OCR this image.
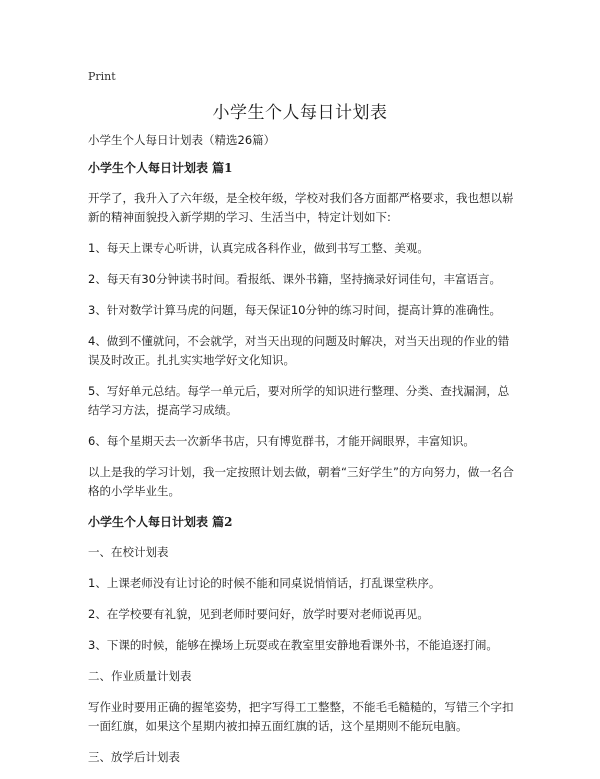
Print
小学生个人每日计划表

小学生个人每日计划表（精选26篇）

小学生个人每日计划表 篇1

开学了，我升入了六年级，是全校年级，学校对我们各方面都严格要求，我也想以崭新的精神面貌投入新学期的学习、生活当中，特定计划如下:

1、每天上课专心听讲，认真完成各科作业，做到书写工整、美观。

2、每天有30分钟读书时间。看报纸、课外书籍，坚持摘录好词佳句，丰富语言。

3、针对数学计算马虎的问题，每天保证10分钟的练习时间，提高计算的准确性。

4、做到不懂就问，不会就学，对当天出现的问题及时解决，对当天出现的作业的错误及时改正。扎扎实实地学好文化知识。

5、写好单元总结。每学一单元后，要对所学的知识进行整理、分类、查找漏洞，总结学习方法，提高学习成绩。

6、每个星期天去一次新华书店，只有博览群书，才能开阔眼界，丰富知识。

以上是我的学习计划，我一定按照计划去做，朝着“三好学生”的方向努力，做一名合格的小学毕业生。

小学生个人每日计划表 篇2

一、在校计划表

1、上课老师没有让讨论的时候不能和同桌说悄悄话，打乱课堂秩序。

2、在学校要有礼貌，见到老师时要问好，放学时要对老师说再见。

3、下课的时候，能够在操场上玩耍或在教室里安静地看课外书，不能追逐打闹。

二、作业质量计划表

写作业时要用正确的握笔姿势，把字写得工工整整，不能毛毛糙糙的，写错三个字扣一面红旗，如果这个星期内被扣掉五面红旗的话，这个星期则不能玩电脑。

三、放学后计划表
